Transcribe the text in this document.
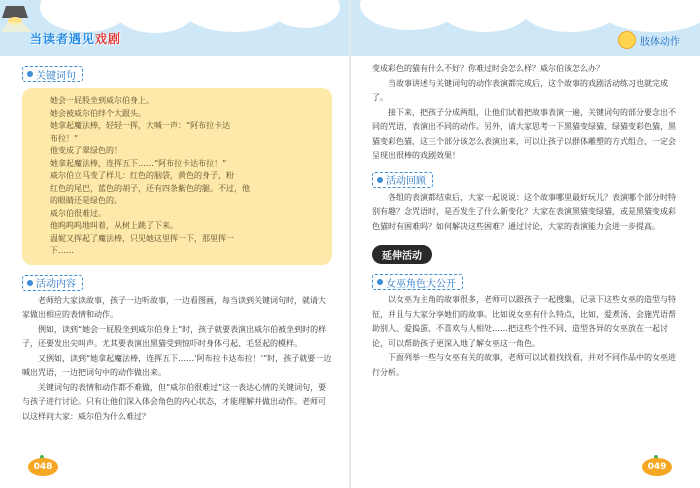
当读者遇见戏剧	肢体动作
关键词句
她会一屁股坐到威尔伯身上。
她会被威尔伯绊个大跟头。
她拿起魔法棒，轻轻一挥，大喊一声：“阿布拉卡达
布拉！”
他变成了翠绿色的！
她拿起魔法棒，连挥五下……“阿布拉卡达布拉！”
威尔伯立马变了样儿：红色的脑袋，黄色的身子，粉
红色的尾巴，蓝色的胡子，还有四条紫色的腿。不过，他
的眼睛还是绿色的。
威尔伯很难过。
他呜呜呜地叫着，从树上跳了下来。
温妮又挥起了魔法棒，只见她这里挥一下，那里挥一
下……
活动内容

老师给大家读故事，孩子一边听故事，一边看图画，每当读到关键词句时，就请大家做出相应的表情和动作。

例如，读到“她会一屁股坐到威尔伯身上”时，孩子就要表演出威尔伯被坐到时的样子，还要发出尖叫声。尤其要表演出黑猫受到惊吓时身体弓起、毛竖起的模样。

又例如，读到“她拿起魔法棒，连挥五下……‘阿布拉卡达布拉！’”时，孩子就要一边喊出咒语，一边把词句中的动作做出来。

关键词句的表情和动作都不难做，但“威尔伯很难过”这一表达心情的关键词句，要与孩子进行讨论。只有让他们深入体会角色的内心状态，才能理解并做出动作。老师可以这样问大家：威尔伯为什么难过？

048

变成彩色的猫有什么不好？你难过时会怎么样？威尔伯该怎么办？

当故事讲述与关键词句的动作表演都完成后，这个故事的戏剧活动练习也就完成了。

接下来，把孩子分成两组，让他们试着把故事表演一遍，关键词句的部分要念出不同的咒语，表演出不同的动作。另外，请大家思考一下黑猫变绿猫、绿猫变彩色猫，黑猫变彩色猫，这三个部分该怎么表演出来，可以让孩子以群体雕塑的方式组合，一定会呈现出很棒的戏剧效果！

活动回顾

各组的表演都结束后，大家一起说说：这个故事哪里最好玩儿？表演哪个部分时特别有趣？念咒语时，是否发生了什么新变化？大家在表演黑猫变绿猫，或是黑猫变成彩色猫时有困难吗？如何解决这些困难？通过讨论，大家的表演能力会进一步提高。

延伸活动
女巫角色大公开

以女巫为主角的故事很多，老师可以跟孩子一起搜集，记录下这些女巫的造型与特征，并且与大家分享她们的故事。比如说女巫有什么特点，比如，爱煮汤、会施咒语帮助别人、爱捣蛋、不喜欢与人相处……把这些个性不同、造型各异的女巫放在一起讨论，可以帮助孩子更深入地了解女巫这一角色。

下面列举一些与女巫有关的故事，老师可以试着找找看，并对不同作品中的女巫进行分析。

049
